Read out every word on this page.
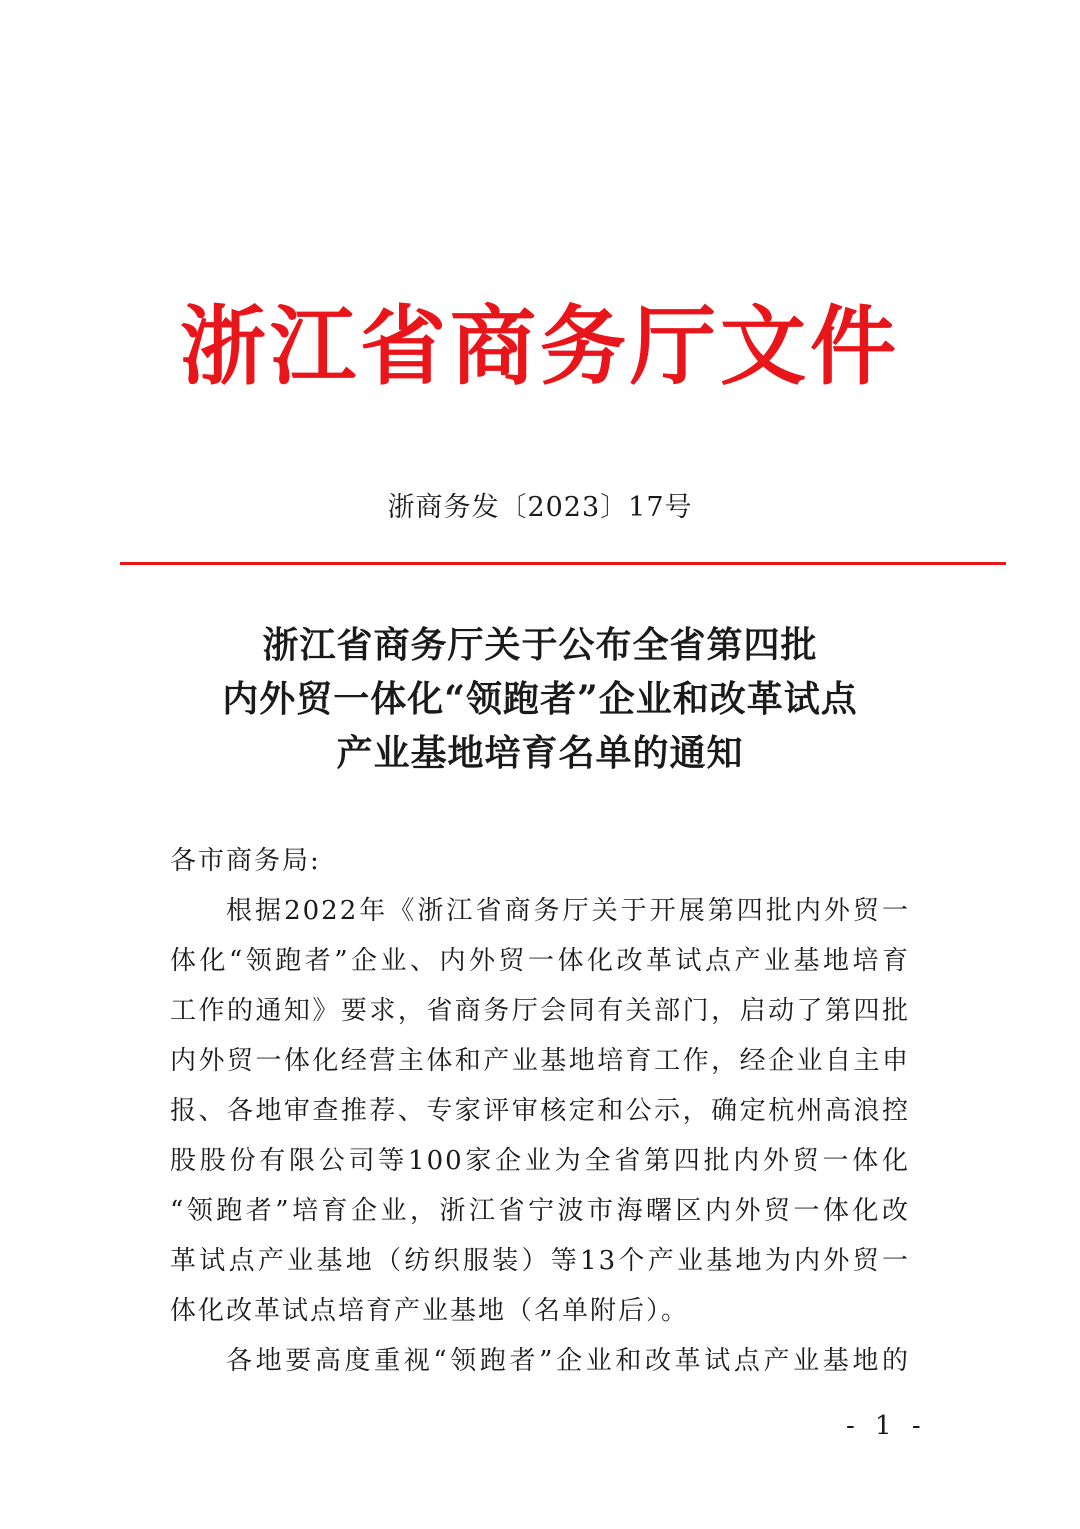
浙江省商务厅文件
浙商务发〔2023〕17号
浙江省商务厅关于公布全省第四批
内外贸一体化“领跑者”企业和改革试点
产业基地培育名单的通知
各市商务局:
根据2022年《浙江省商务厅关于开展第四批内外贸一
体化“领跑者”企业、内外贸一体化改革试点产业基地培育
工作的通知》要求，省商务厅会同有关部门，启动了第四批
内外贸一体化经营主体和产业基地培育工作，经企业自主申
报、各地审查推荐、专家评审核定和公示，确定杭州高浪控
股股份有限公司等100家企业为全省第四批内外贸一体化
“领跑者”培育企业，浙江省宁波市海曙区内外贸一体化改
革试点产业基地（纺织服装）等13个产业基地为内外贸一
体化改革试点培育产业基地（名单附后）。
各地要高度重视“领跑者”企业和改革试点产业基地的
- 1 -
